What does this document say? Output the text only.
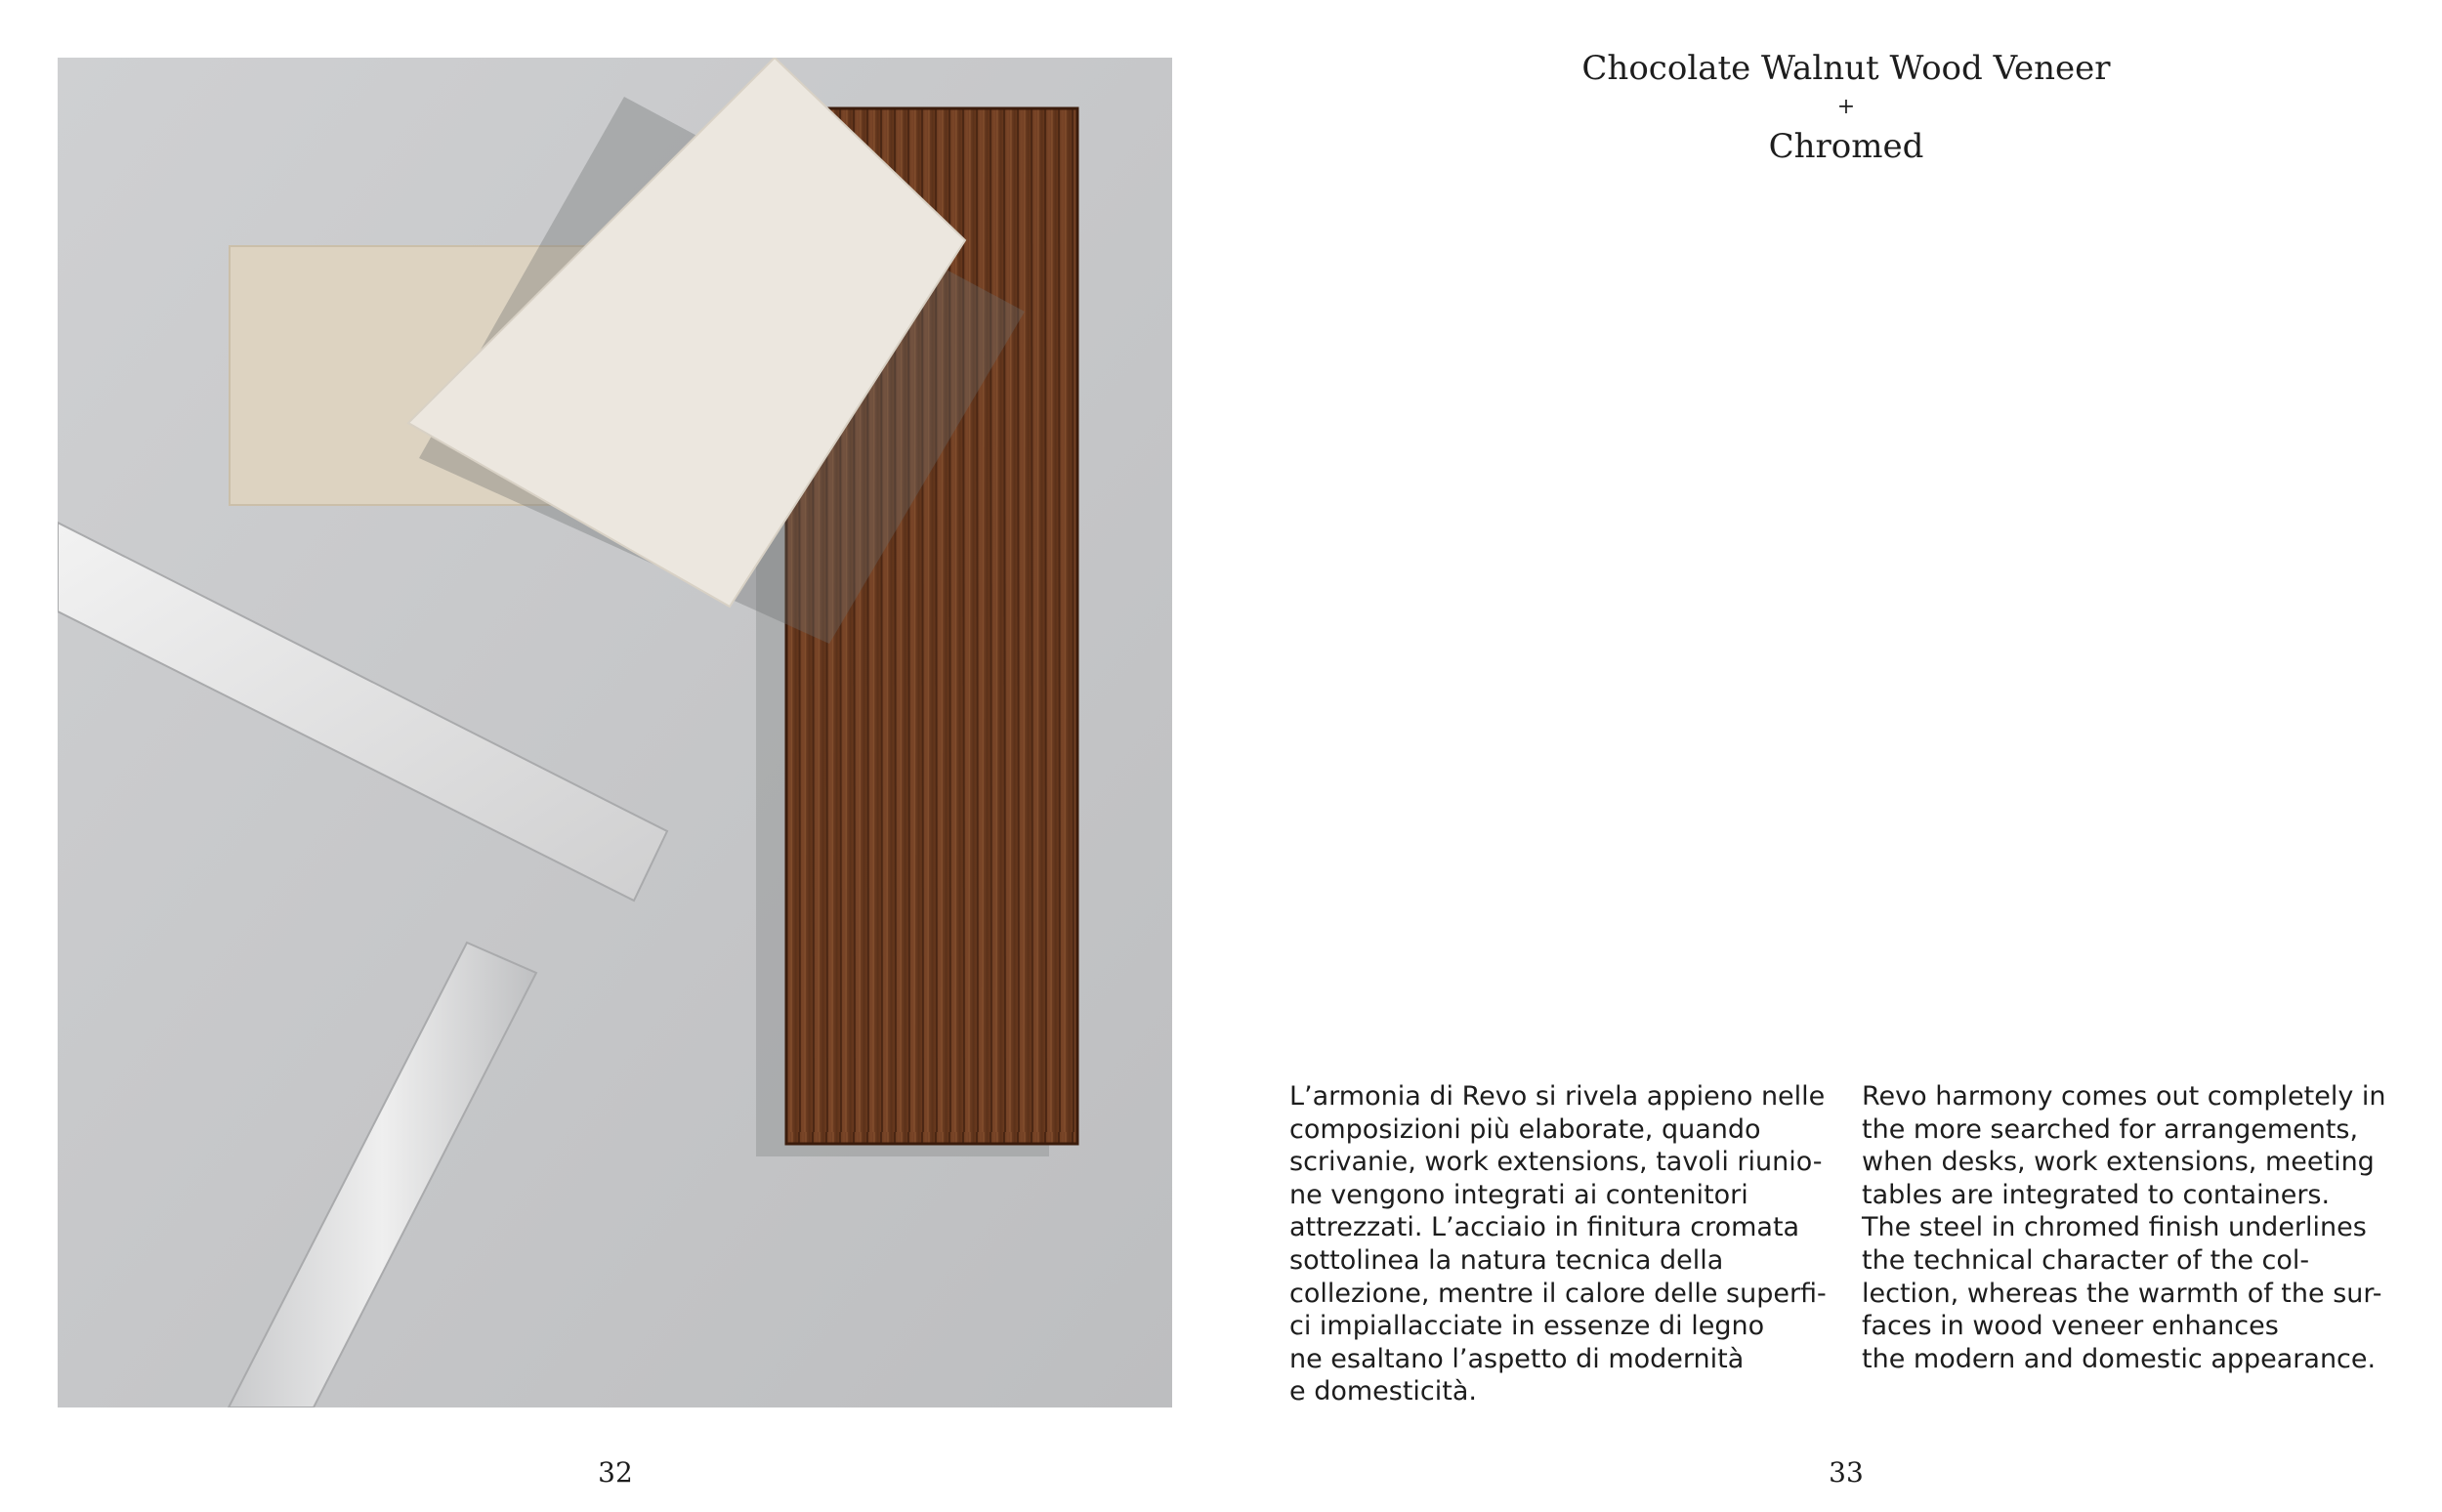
Chocolate Walnut Wood Veneer
+
Chromed
L’armonia di Revo si rivela appieno nelle
composizioni più elaborate, quando
scrivanie, work extensions, tavoli riunio-
ne vengono integrati ai contenitori
attrezzati. L’acciaio in finitura cromata
sottolinea la natura tecnica della
collezione, mentre il calore delle superfi-
ci impiallacciate in essenze di legno
ne esaltano l’aspetto di modernità
e domesticità.
Revo harmony comes out completely in
the more searched for arrangements,
when desks, work extensions, meeting
tables are integrated to containers.
The steel in chromed finish underlines
the technical character of the col-
lection, whereas the warmth of the sur-
faces in wood veneer enhances
the modern and domestic appearance.
32	33
